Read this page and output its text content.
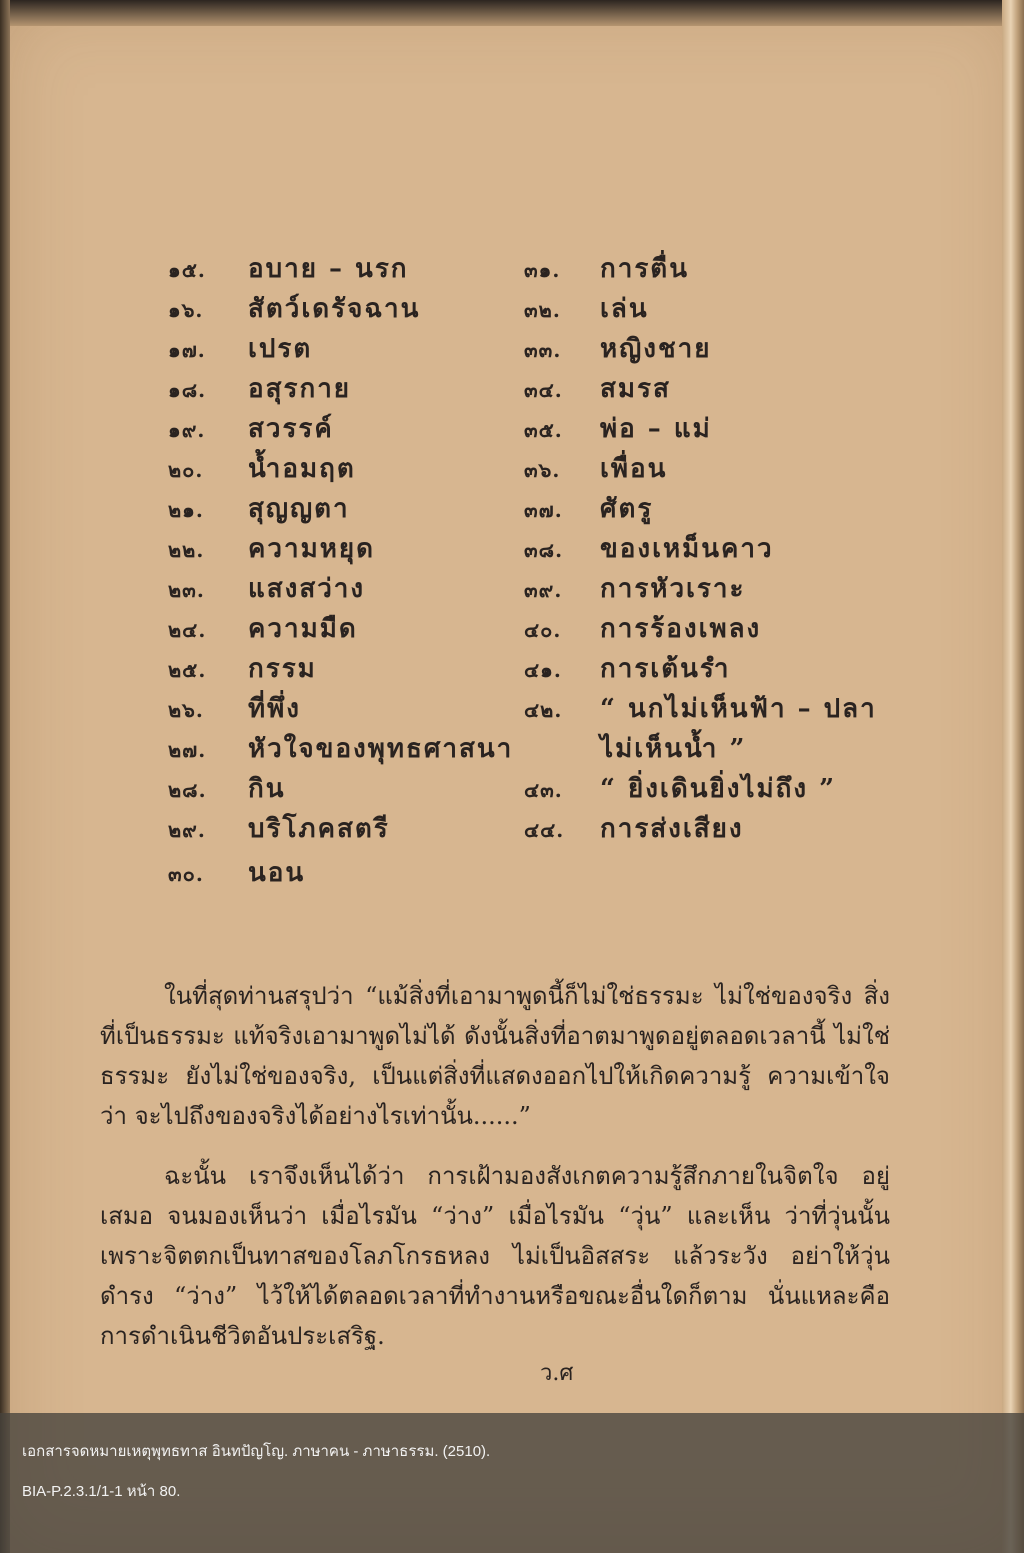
๑๕.	อบาย – นรก
๑๖.	สัตว์เดรัจฉาน
๑๗.	เปรต
๑๘.	อสุรกาย
๑๙.	สวรรค์
๒๐.	น้ำอมฤต
๒๑.	สุญญตา
๒๒.	ความหยุด
๒๓.	แสงสว่าง
๒๔.	ความมืด
๒๕.	กรรม
๒๖.	ที่พึ่ง
๒๗.	หัวใจของพุทธศาสนา
๒๘.	กิน
๒๙.	บริโภคสตรี
๓๐.	นอน
๓๑.	การตื่น
๓๒.	เล่น
๓๓.	หญิงชาย
๓๔.	สมรส
๓๕.	พ่อ – แม่
๓๖.	เพื่อน
๓๗.	ศัตรู
๓๘.	ของเหม็นคาว
๓๙.	การหัวเราะ
๔๐.	การร้องเพลง
๔๑.	การเต้นรำ
๔๒.	“ นกไม่เห็นฟ้า – ปลา
ไม่เห็นน้ำ ”
๔๓.	“ ยิ่งเดินยิ่งไม่ถึง ”
๔๔.	การส่งเสียง

ในที่สุดท่านสรุปว่า “แม้สิ่งที่เอามาพูดนี้ก็ไม่ใช่ธรรมะ ไม่ใช่ของจริง สิ่งที่เป็นธรรมะ แท้จริงเอามาพูดไม่ได้ ดังนั้นสิ่งที่อาตมาพูดอยู่ตลอดเวลานี้ ไม่ใช่ธรรมะ ยังไม่ใช่ของจริง, เป็นแต่สิ่งที่แสดงออกไปให้เกิดความรู้ ความเข้าใจว่า จะไปถึงของจริงได้อย่างไรเท่านั้น......”

ฉะนั้น เราจึงเห็นได้ว่า การเฝ้ามองสังเกตความรู้สึกภายในจิตใจ อยู่เสมอ จนมองเห็นว่า เมื่อไรมัน “ว่าง” เมื่อไรมัน “วุ่น” และเห็น ว่าที่วุ่นนั้นเพราะจิตตกเป็นทาสของโลภโกรธหลง ไม่เป็นอิสสระ แล้วระวัง อย่าให้วุ่น ดำรง “ว่าง” ไว้ให้ได้ตลอดเวลาที่ทำงานหรือขณะอื่นใดก็ตาม นั่นแหละคือการดำเนินชีวิตอันประเสริฐ.

ว.ศ
เอกสารจดหมายเหตุพุทธทาส อินทปัญโญ. ภาษาคน - ภาษาธรรม. (2510).
BIA-P.2.3.1/1-1 หน้า 80.
